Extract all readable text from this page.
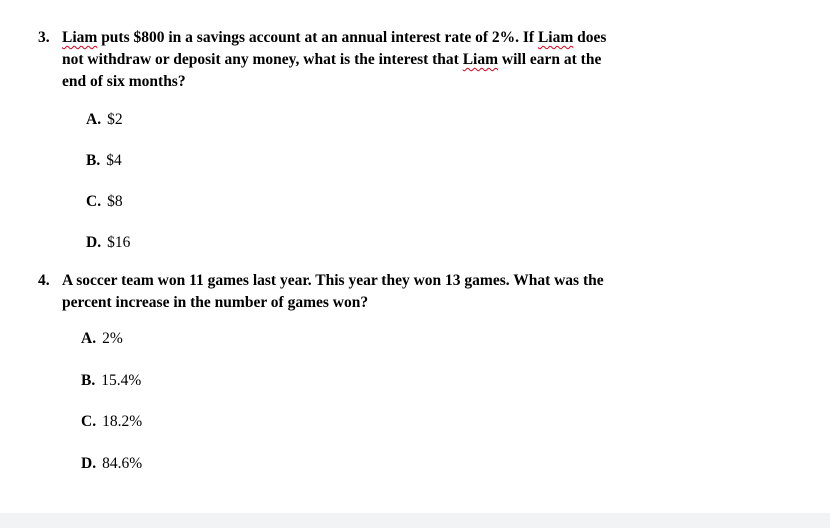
3. Liam puts $800 in a savings account at an annual interest rate of 2%. If Liam does
not withdraw or deposit any money, what is the interest that Liam will earn at the
end of six months?
A. $2
B. $4
C. $8
D. $16
4. A soccer team won 11 games last year. This year they won 13 games. What was the
percent increase in the number of games won?
A. 2%
B. 15.4%
C. 18.2%
D. 84.6%
